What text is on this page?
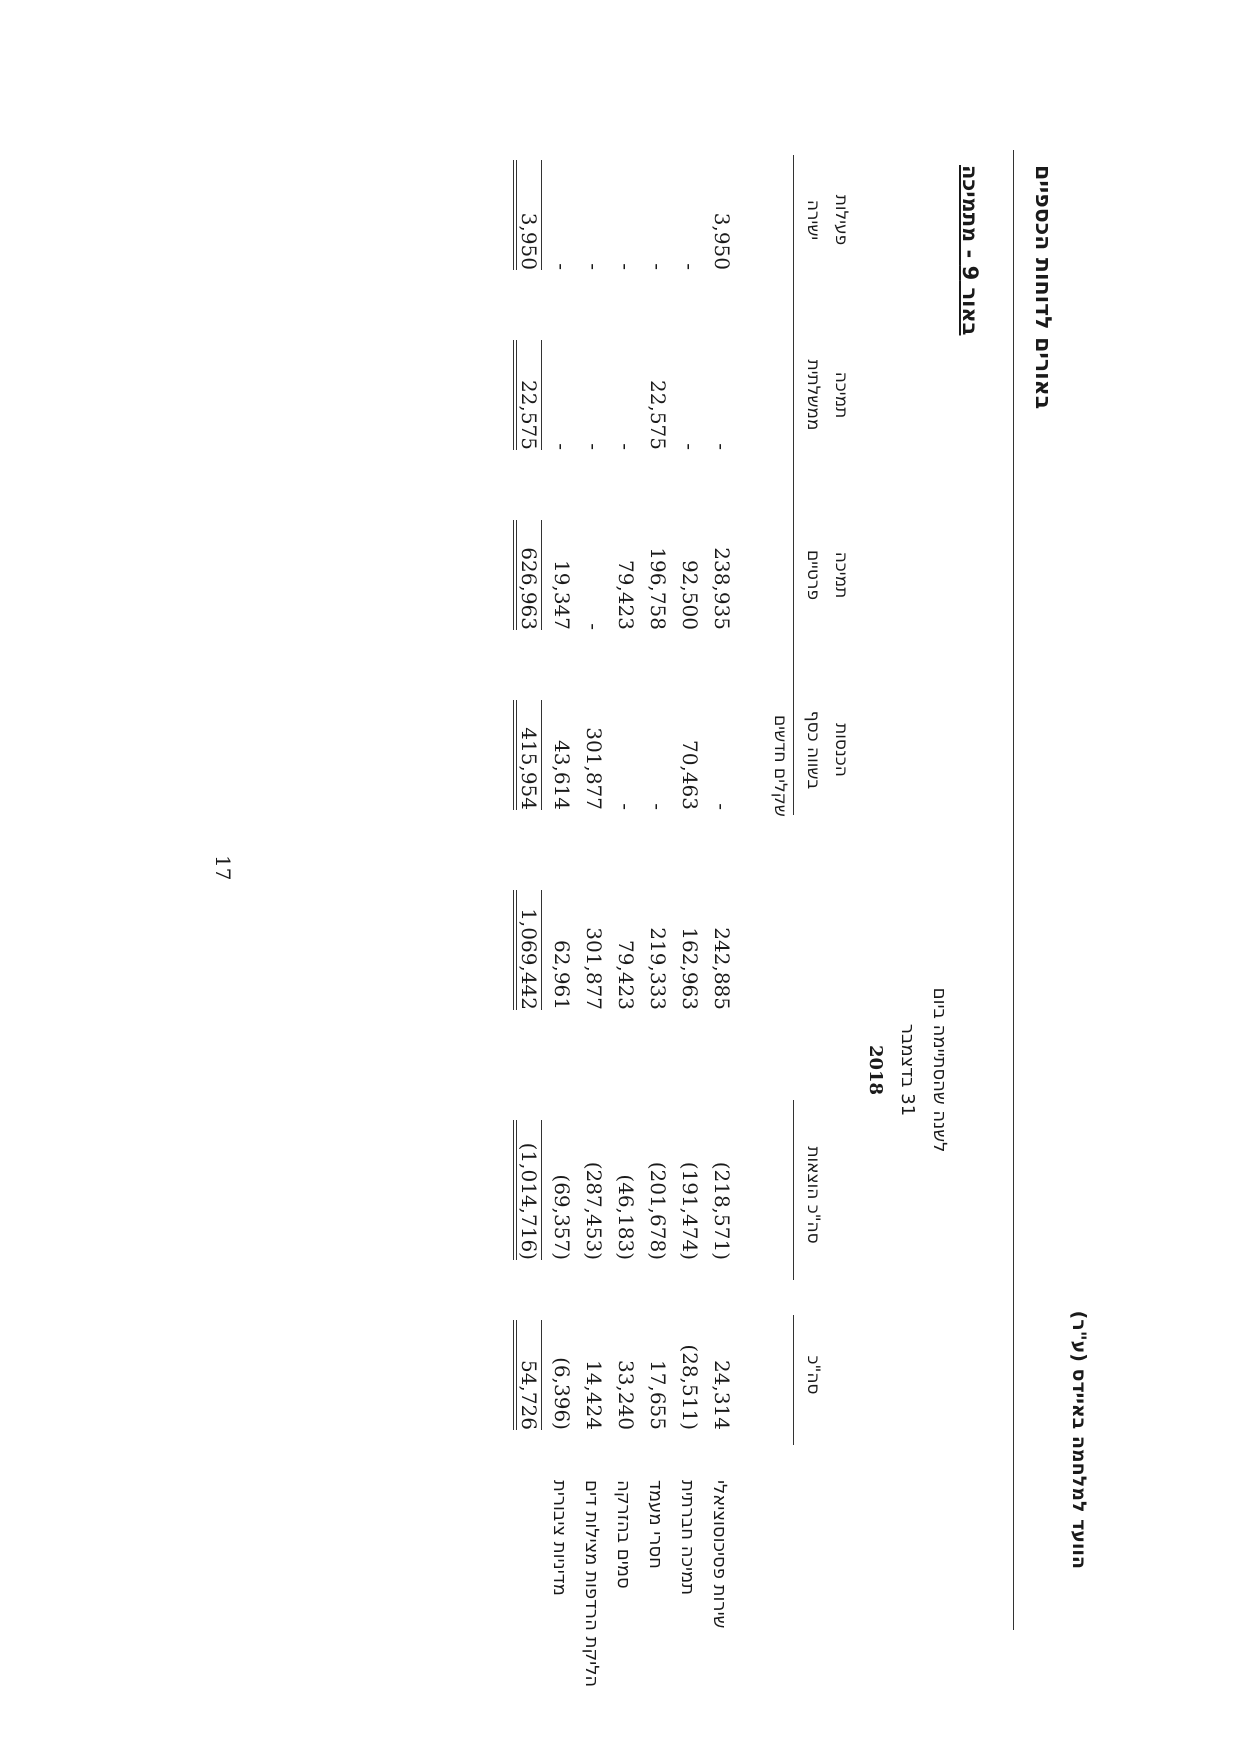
הוועד למלחמה באיידס (ע"ר)
באורים לדוחות הכספיים
באור 9 - מתמיכה
לשנה שהסתיימה ביום
31 בדצמבר
2018
פעילות
ישירה
תמיכה
ממשלתית
תמיכה
פרטיים
הכנסות
בשווה כסף
סה"כ הוצאות
סה"כ
שקלים חדשים
שירות פסיכוסוציאלי
3,950
-
238,935
-
242,885
(218,571)
24,314
תמיכה חברתית
-
-
92,500
70,463
162,963
(191,474)
(28,511)
חסרי מעמד
-
22,575
196,758
-
219,333
(201,678)
17,655
סמים בהזרקה
-
-
79,423
-
79,423
(46,183)
33,240
הליקת הרדפות מצילות דים
-
-
-
301,877
301,877
(287,453)
14,424
מדיניות ציבורית
-
-
19,347
43,614
62,961
(69,357)
(6,396)
3,950
22,575
626,963
415,954
1,069,442
(1,014,716)
54,726
17
